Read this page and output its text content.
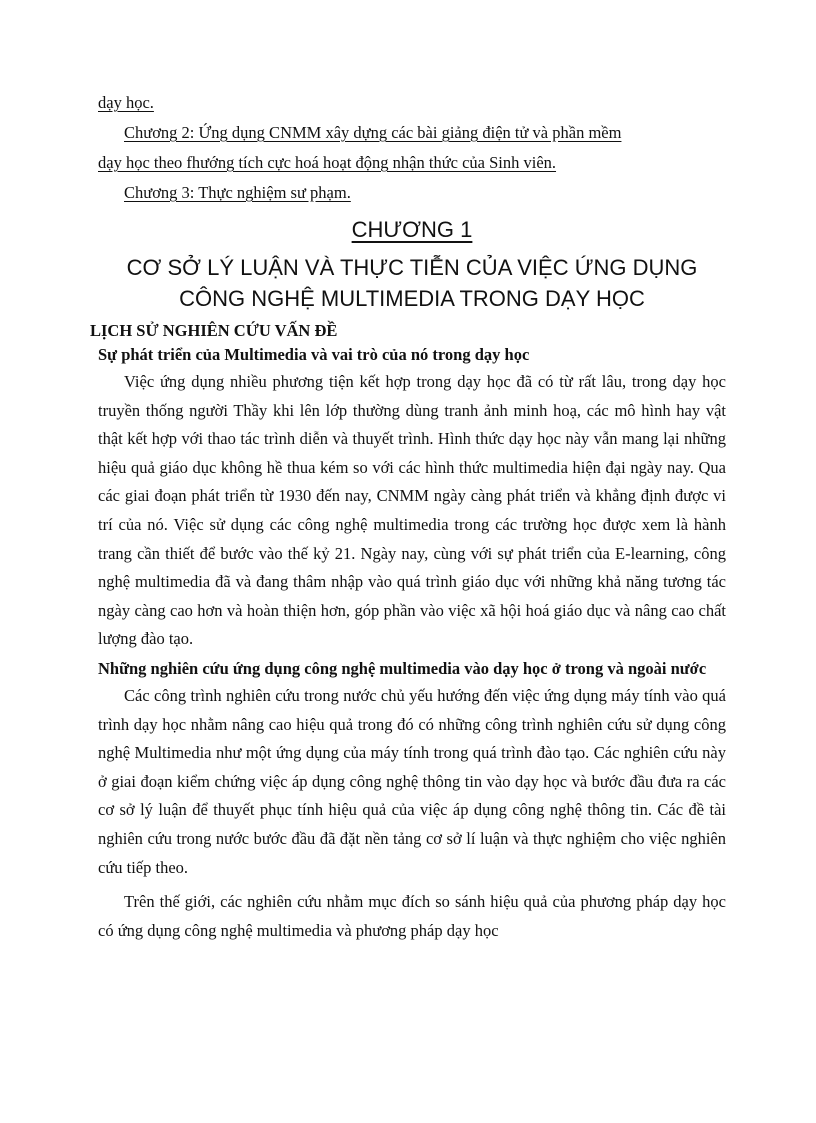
dạy học.
Chương 2: Ứng dụng CNMM xây dựng các bài giảng điện tử và phần mềm
dạy học theo fhướng tích cực hoá hoạt động nhận thức của Sinh viên.
Chương 3: Thực nghiệm sư phạm.
CHƯƠNG 1
CƠ SỞ LÝ LUẬN VÀ THỰC TIỄN CỦA VIỆC ỨNG DỤNG
CÔNG NGHỆ MULTIMEDIA TRONG DẠY HỌC
LỊCH SỬ NGHIÊN CỨU VẤN ĐỀ
Sự phát triển của Multimedia và vai trò của nó trong dạy học

Việc ứng dụng nhiều phương tiện kết hợp trong dạy học đã có từ rất lâu, trong dạy học truyền thống người Thầy khi lên lớp thường dùng tranh ảnh minh hoạ, các mô hình hay vật thật kết hợp với thao tác trình diễn và thuyết trình. Hình thức dạy học này vẫn mang lại những hiệu quả giáo dục không hề thua kém so với các hình thức multimedia hiện đại ngày nay. Qua các giai đoạn phát triển từ 1930 đến nay, CNMM ngày càng phát triển và khẳng định được vi trí của nó. Việc sử dụng các công nghệ multimedia trong các trường học được xem là hành trang cần thiết để bước vào thế kỷ 21. Ngày nay, cùng với sự phát triển của E-learning, công nghệ multimedia đã và đang thâm nhập vào quá trình giáo dục với những khả năng tương tác ngày càng cao hơn và hoàn thiện hơn, góp phần vào việc xã hội hoá giáo dục và nâng cao chất lượng đào tạo.

Những nghiên cứu ứng dụng công nghệ multimedia vào dạy học ở trong và ngoài nước

Các công trình nghiên cứu trong nước chủ yếu hướng đến việc ứng dụng máy tính vào quá trình dạy học nhằm nâng cao hiệu quả trong đó có những công trình nghiên cứu sử dụng công nghệ Multimedia như một ứng dụng của máy tính trong quá trình đào tạo. Các nghiên cứu này ở giai đoạn kiểm chứng việc áp dụng công nghệ thông tin vào dạy học và bước đầu đưa ra các cơ sở lý luận để thuyết phục tính hiệu quả của việc áp dụng công nghệ thông tin. Các đề tài nghiên cứu trong nước bước đầu đã đặt nền tảng cơ sở lí luận và thực nghiệm cho việc nghiên cứu tiếp theo.

Trên thế giới, các nghiên cứu nhằm mục đích so sánh hiệu quả của phương pháp dạy học có ứng dụng công nghệ multimedia và phương pháp dạy học
